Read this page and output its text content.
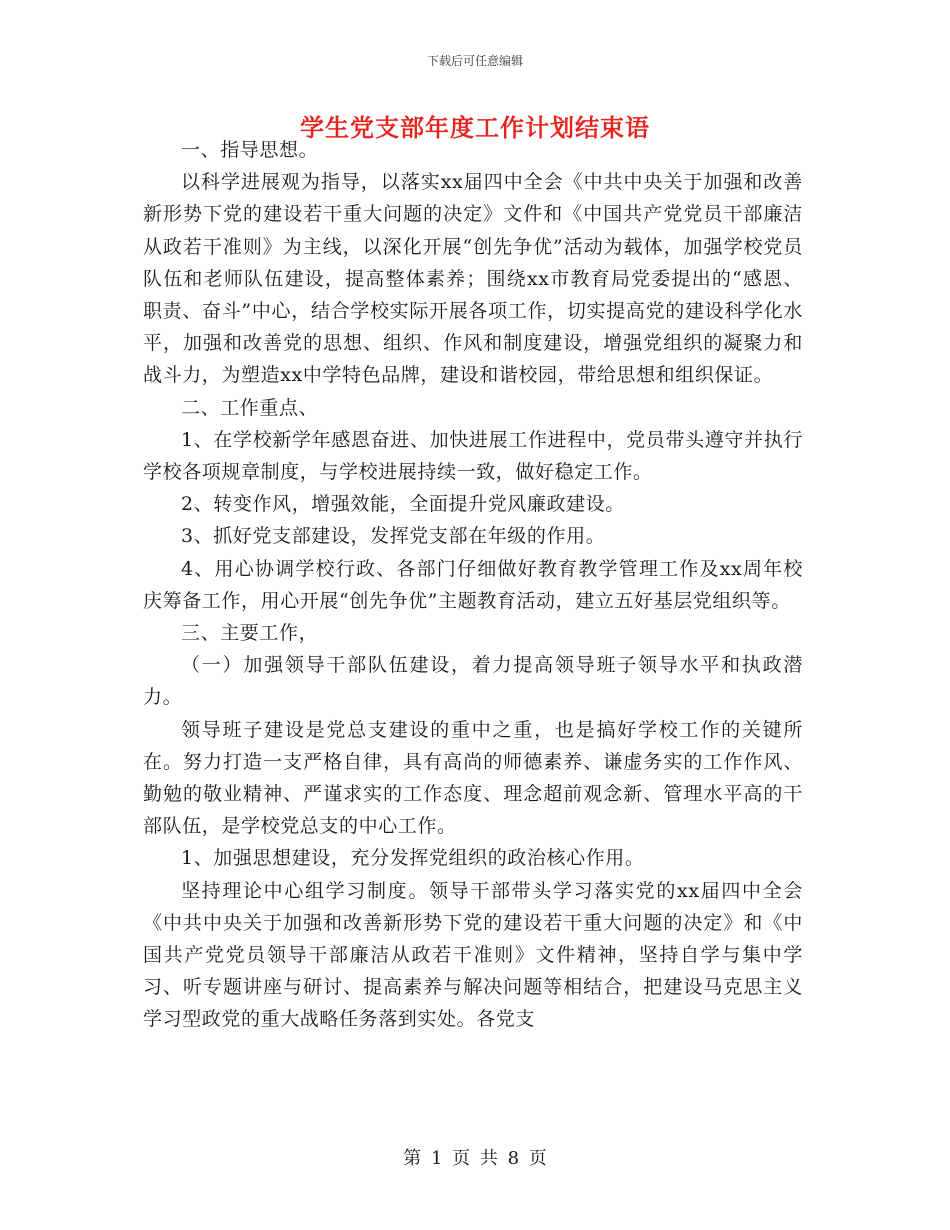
下载后可任意编辑
学生党支部年度工作计划结束语

一、指导思想。

以科学进展观为指导，以落实xx届四中全会《中共中央关于加强和改善新形势下党的建设若干重大问题的决定》文件和《中国共产党党员干部廉洁从政若干准则》为主线，以深化开展“创先争优”活动为载体，加强学校党员队伍和老师队伍建设，提高整体素养；围绕xx市教育局党委提出的“感恩、职责、奋斗”中心，结合学校实际开展各项工作，切实提高党的建设科学化水平，加强和改善党的思想、组织、作风和制度建设，增强党组织的凝聚力和战斗力，为塑造xx中学特色品牌，建设和谐校园，带给思想和组织保证。

二、工作重点、

1、在学校新学年感恩奋进、加快进展工作进程中，党员带头遵守并执行学校各项规章制度，与学校进展持续一致，做好稳定工作。

2、转变作风，增强效能，全面提升党风廉政建设。

3、抓好党支部建设，发挥党支部在年级的作用。

4、用心协调学校行政、各部门仔细做好教育教学管理工作及xx周年校庆筹备工作，用心开展“创先争优”主题教育活动，建立五好基层党组织等。

三、主要工作，

（一）加强领导干部队伍建设，着力提高领导班子领导水平和执政潜力。

领导班子建设是党总支建设的重中之重，也是搞好学校工作的关键所在。努力打造一支严格自律，具有高尚的师德素养、谦虚务实的工作作风、勤勉的敬业精神、严谨求实的工作态度、理念超前观念新、管理水平高的干部队伍，是学校党总支的中心工作。

1、加强思想建设，充分发挥党组织的政治核心作用。

坚持理论中心组学习制度。领导干部带头学习落实党的xx届四中全会《中共中央关于加强和改善新形势下党的建设若干重大问题的决定》和《中国共产党党员领导干部廉洁从政若干准则》文件精神，坚持自学与集中学习、听专题讲座与研讨、提高素养与解决问题等相结合，把建设马克思主义学习型政党的重大战略任务落到实处。各党支

第 1 页 共 8 页
